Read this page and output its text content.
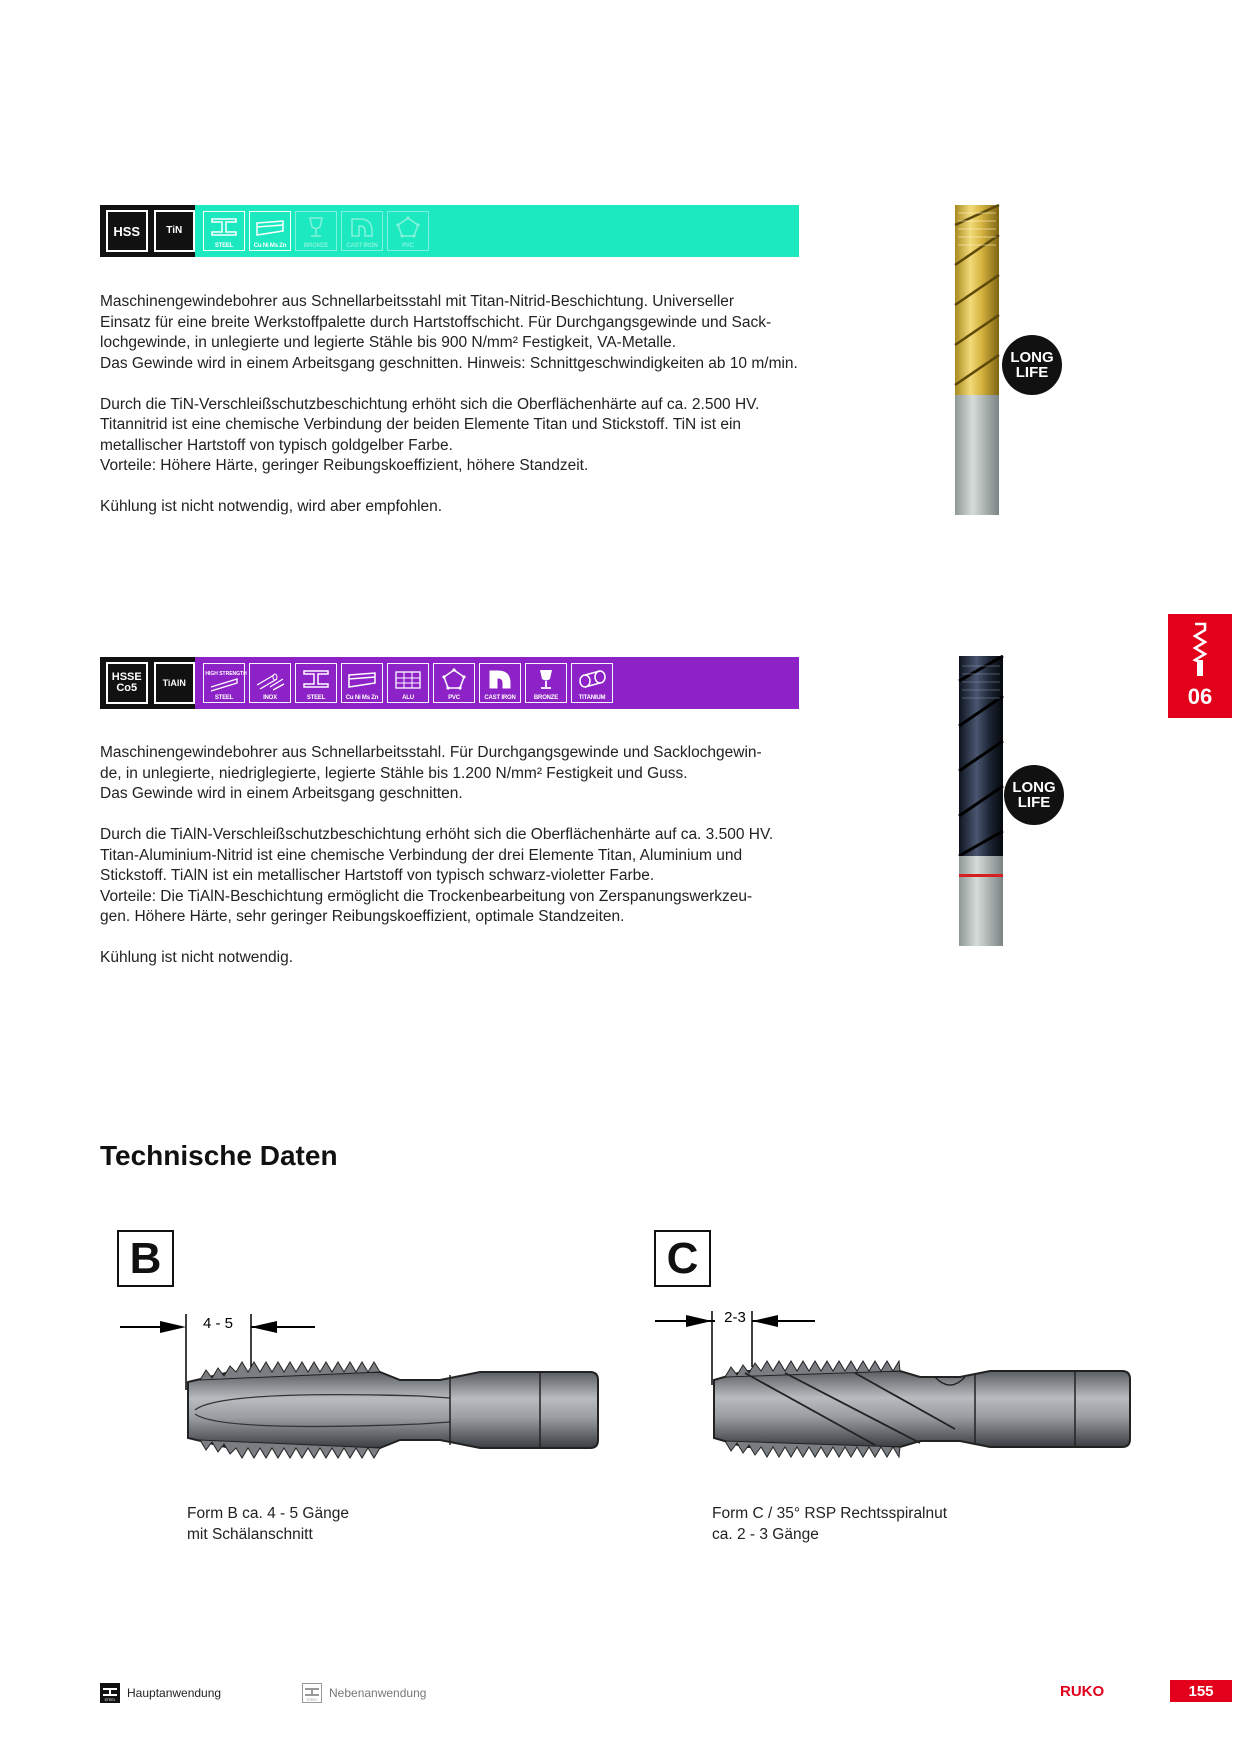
HSS	TiN
STEEL	Cu Ni Ms Zn	BRONZE	CAST IRON	PVC

Maschinengewindebohrer aus Schnellarbeitsstahl mit Titan-Nitrid-Beschichtung. Universeller

Einsatz für eine breite Werkstoffpalette durch Hartstoffschicht. Für Durchgangsgewinde und Sack-

lochgewinde, in unlegierte und legierte Stähle bis 900 N/mm² Festigkeit, VA-Metalle.

Das Gewinde wird in einem Arbeitsgang geschnitten. Hinweis: Schnittgeschwindigkeiten ab 10 m/min.

Durch die TiN-Verschleißschutzbeschichtung erhöht sich die Oberflächenhärte auf ca. 2.500 HV.

Titannitrid ist eine chemische Verbindung der beiden Elemente Titan und Stickstoff. TiN ist ein

metallischer Hartstoff von typisch goldgelber Farbe.

Vorteile: Höhere Härte, geringer Reibungskoeffizient, höhere Standzeit.

Kühlung ist nicht notwendig, wird aber empfohlen.

LONG
LIFE
HSSE
Co5	TiAlN
HIGH STRENGTH
STEEL	INOX	STEEL	Cu Ni Ms Zn	ALU	PVC	CAST IRON	BRONZE	TITANIUM

Maschinengewindebohrer aus Schnellarbeitsstahl. Für Durchgangsgewinde und Sacklochgewin-

de, in unlegierte, niedriglegierte, legierte Stähle bis 1.200 N/mm² Festigkeit und Guss.

Das Gewinde wird in einem Arbeitsgang geschnitten.

Durch die TiAlN-Verschleißschutzbeschichtung erhöht sich die Oberflächenhärte auf ca. 3.500 HV.

Titan-Aluminium-Nitrid ist eine chemische Verbindung der drei Elemente Titan, Aluminium und

Stickstoff. TiAlN ist ein metallischer Hartstoff von typisch schwarz-violetter Farbe.

Vorteile: Die TiAlN-Beschichtung ermöglicht die Trockenbearbeitung von Zerspanungswerkzeu-

gen. Höhere Härte, sehr geringer Reibungskoeffizient, optimale Standzeiten.

Kühlung ist nicht notwendig.

LONG
LIFE
06
Technische Daten
B
4 - 5
Form B ca. 4 - 5 Gänge
mit Schälanschnitt
C
2-3
Form C / 35° RSP Rechtsspiralnut
ca. 2 - 3 Gänge
STEEL Hauptanwendung	STEEL Nebenanwendung	RUKO	155
